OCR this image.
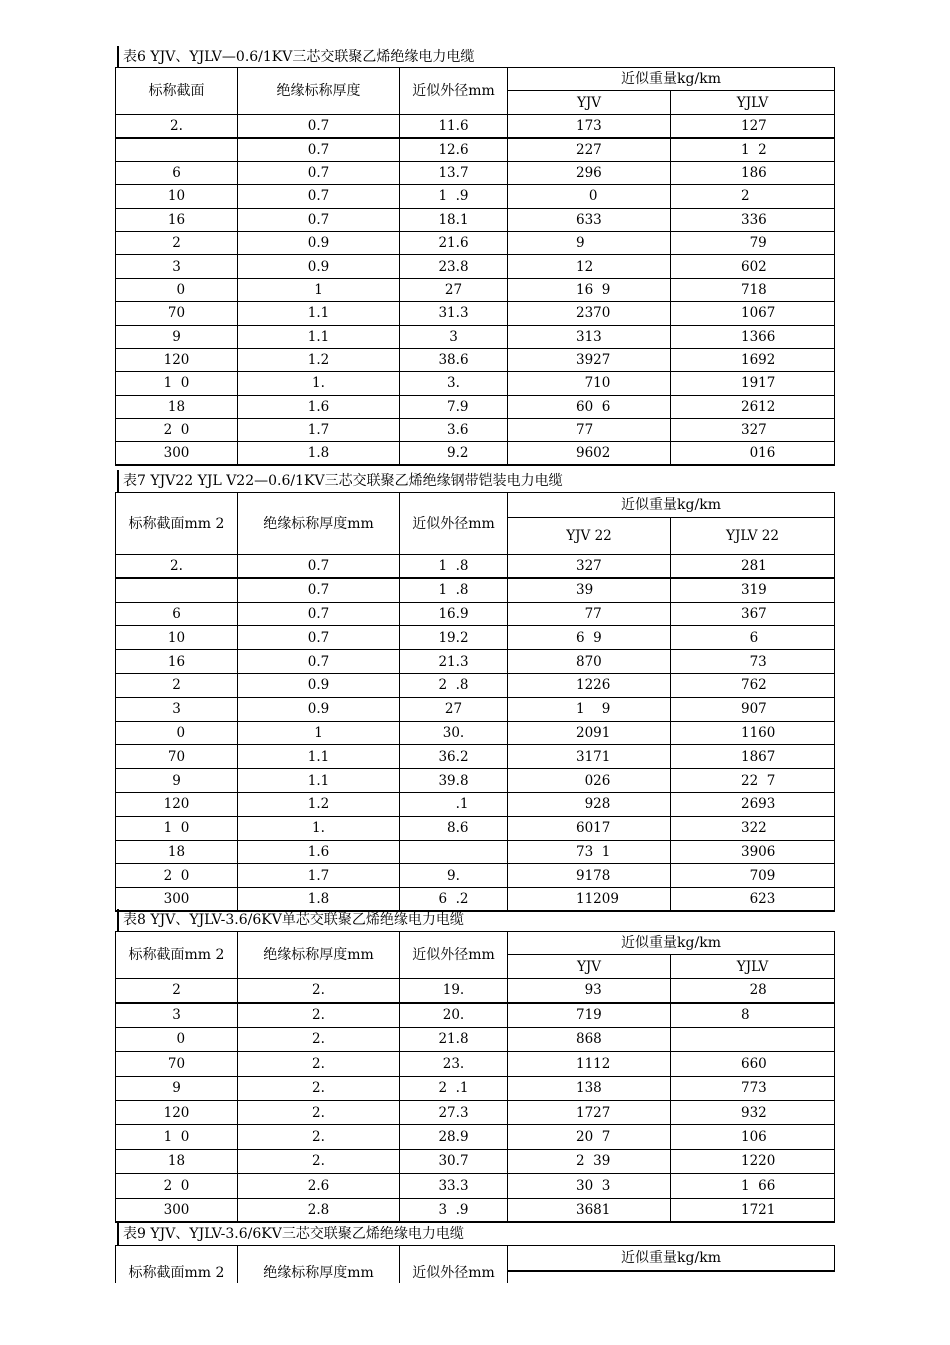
表6 YJV、YJLV—0.6/1KV三芯交联聚乙烯绝缘电力电缆
标称截面	绝缘标称厚度	近似外径mm	近似重量kg/km	
			YJV	YJLV
2.	0.7	11.6	173	127
	0.7	12.6	227	1  2
6	0.7	13.7	296	186
10	0.7	1  .9	0	2
16	0.7	18.1	633	336
2	0.9	21.6	9	79
3	0.9	23.8	12	602
0	1	27	16  9	718
70	1.1	31.3	2370	1067
9	1.1	3	313	1366
120	1.2	38.6	3927	1692
1  0	1.	3.	710	1917
18	1.6	7.9	60  6	2612
2  0	1.7	3.6	77	327
300	1.8	9.2	9602	016
表7 YJV22 YJL V22—0.6/1KV三芯交联聚乙烯绝缘钢带铠装电力电缆
标称截面mm 2	绝缘标称厚度mm	近似外径mm	近似重量kg/km	
			YJV 22	YJLV 22
2.	0.7	1  .8	327	281
	0.7	1  .8	39	319
6	0.7	16.9	77	367
10	0.7	19.2	6  9	6
16	0.7	21.3	870	73
2	0.9	2  .8	1226	762
3	0.9	27	1    9	907
0	1	30.	2091	1160
70	1.1	36.2	3171	1867
9	1.1	39.8	026	22  7
120	1.2	.1	928	2693
1  0	1.	8.6	6017	322
18	1.6		73  1	3906
2  0	1.7	9.	9178	709
300	1.8	6  .2	11209	623
表8 YJV、YJLV-3.6/6KV单芯交联聚乙烯绝缘电力电缆
标称截面mm 2	绝缘标称厚度mm	近似外径mm	近似重量kg/km	
			YJV	YJLV
2	2.	19.	93	28
3	2.	20.	719	8
0	2.	21.8	868	
70	2.	23.	1112	660
9	2.	2  .1	138	773
120	2.	27.3	1727	932
1  0	2.	28.9	20  7	106
18	2.	30.7	2  39	1220
2  0	2.6	33.3	30  3	1  66
300	2.8	3  .9	3681	1721
表9 YJV、YJLV-3.6/6KV三芯交联聚乙烯绝缘电力电缆
标称截面mm 2	绝缘标称厚度mm	近似外径mm	近似重量kg/km
